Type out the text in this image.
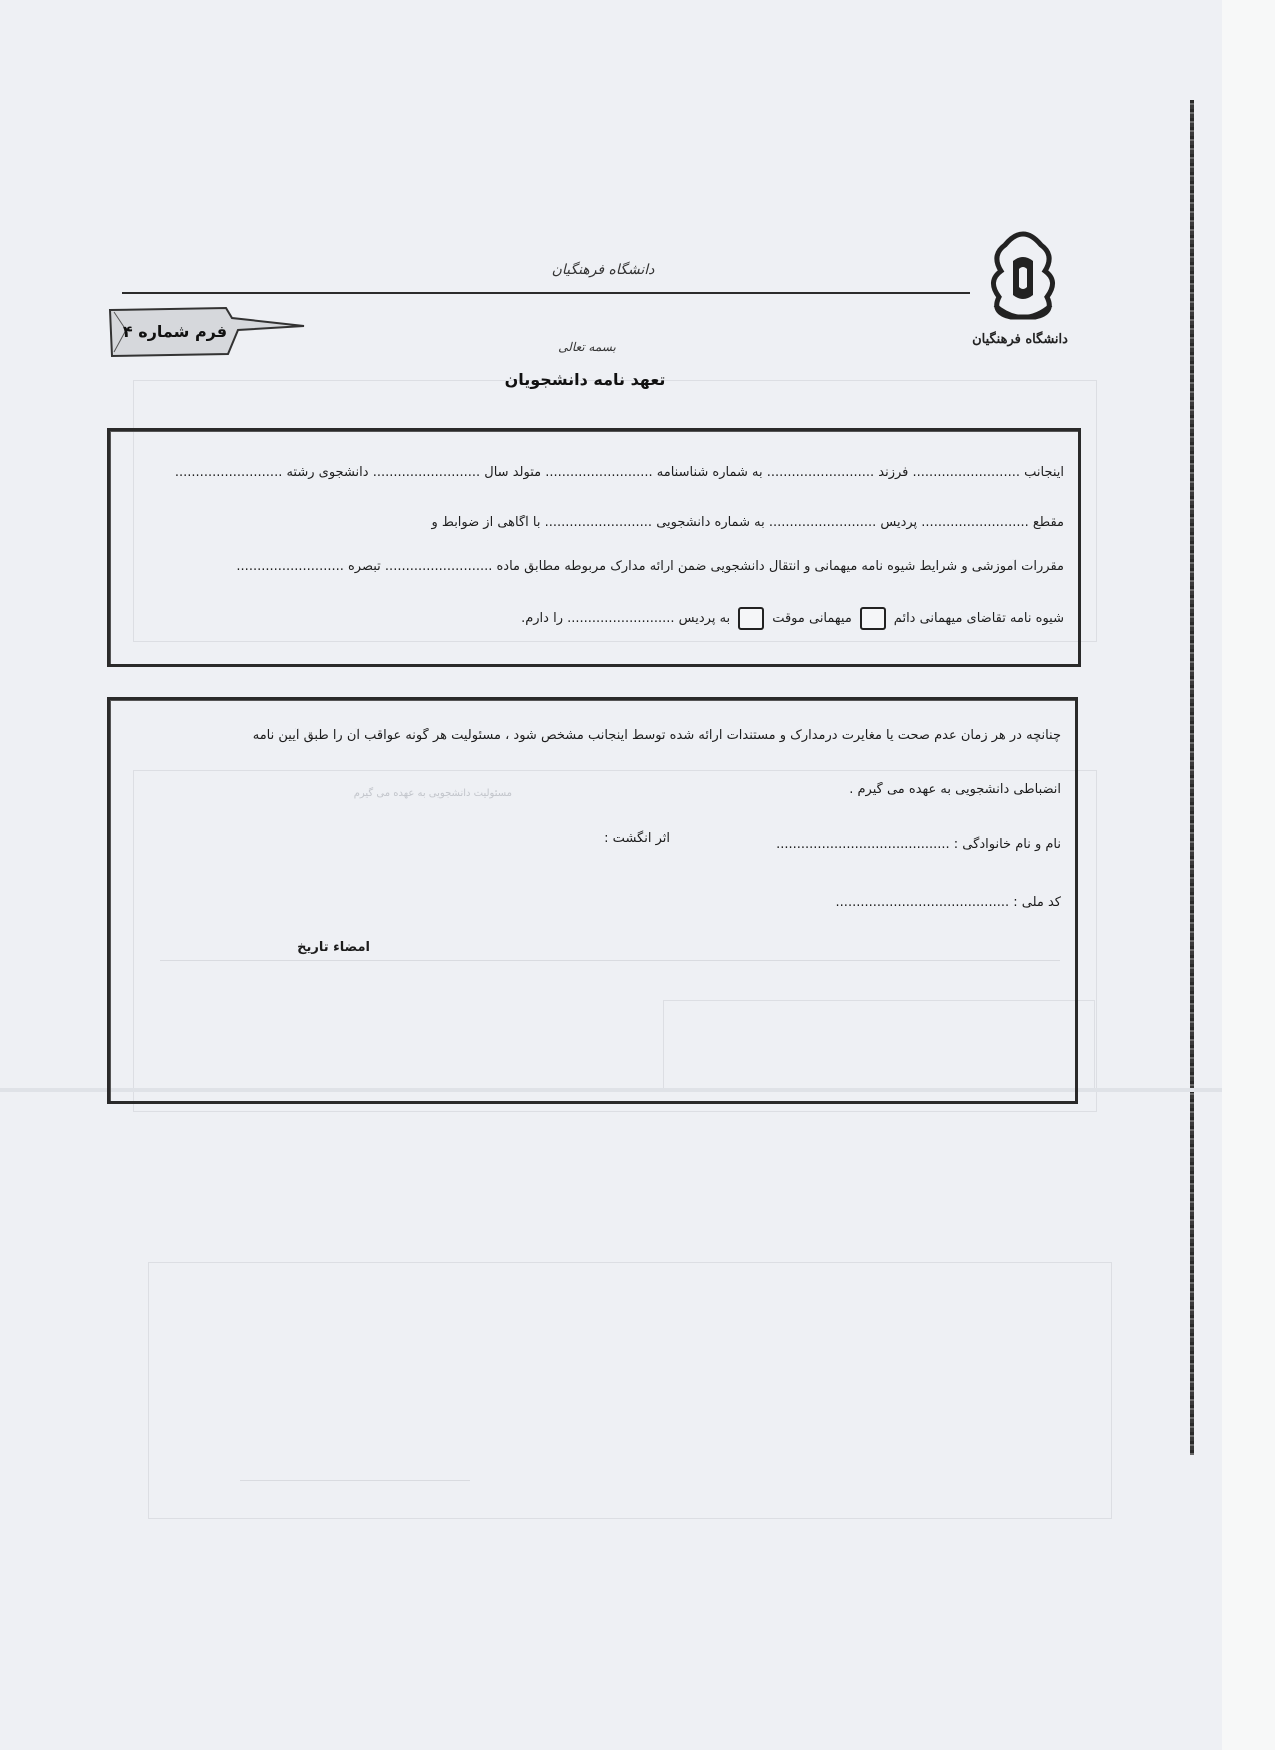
دانشگاه فرهنگیان
دانشگاه فرهنگیان
فرم شماره ۴
بسمه تعالی
تعهد نامه دانشجویان
اینجانب .......................... فرزند .......................... به شماره شناسنامه .......................... متولد سال .......................... دانشجوی رشته ..........................
مقطع .......................... پردیس .......................... به شماره دانشجویی .......................... با آگاهی از ضوابط و
مقررات آموزشی و شرایط شیوه نامه میهمانی و انتقال دانشجویی ضمن ارائه مدارک مربوطه مطابق ماده .......................... تبصره ..........................
شیوه نامه تقاضای میهمانی دائم
میهمانی موقت
به پردیس .......................... را دارم.
چنانچه در هر زمان عدم صحت یا مغایرت درمدارک و مستندات ارائه شده توسط اینجانب مشخص شود ، مسئولیت هر گونه عواقب آن را طبق آیین نامه
انضباطی دانشجویی به عهده می گیرم .
نام و نام خانوادگی : ..........................................
اثر انگشت :
کد ملی : ..........................................
امضاء تاریخ
مسئولیت دانشجویی به عهده می گیرم
